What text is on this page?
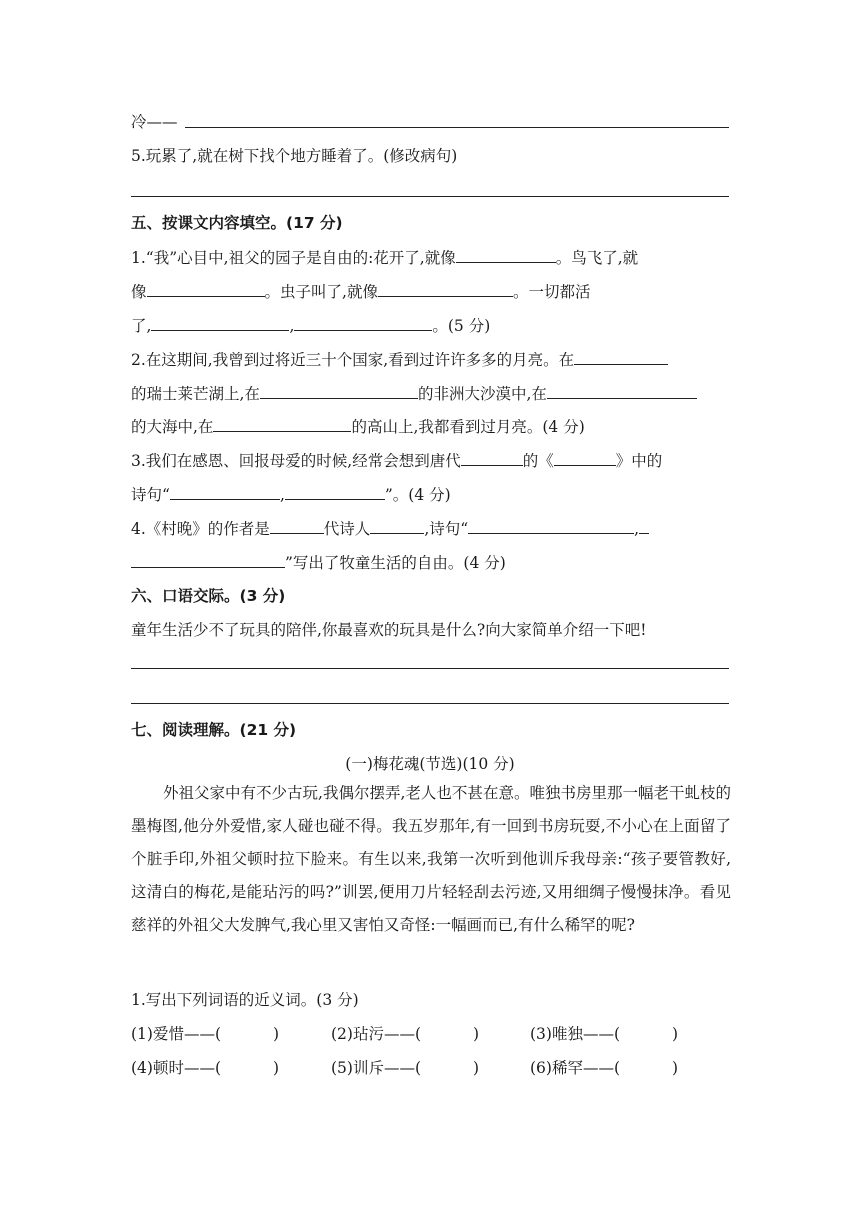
冷——
5.玩累了,就在树下找个地方睡着了。(修改病句)
五、按课文内容填空。(17 分)
1.“我”心目中,祖父的园子是自由的:花开了,就像	。鸟飞了,就
像	。虫子叫了,就像	。一切都活
了,	,	。(5 分)
2.在这期间,我曾到过将近三十个国家,看到过许许多多的月亮。在
的瑞士莱芒湖上,在	的非洲大沙漠中,在
的大海中,在	的高山上,我都看到过月亮。(4 分)
3.我们在感恩、回报母爱的时候,经常会想到唐代	的《	》中的
诗句“	,	”。(4 分)
4.《村晚》的作者是	代诗人	,诗句“	,
”写出了牧童生活的自由。(4 分)
六、口语交际。(3 分)
童年生活少不了玩具的陪伴,你最喜欢的玩具是什么?向大家简单介绍一下吧!
七、阅读理解。(21 分)
(一)梅花魂(节选)(10 分)
外祖父家中有不少古玩,我偶尔摆弄,老人也不甚在意。唯独书房里那一幅老干虬枝的墨梅图,他分外爱惜,家人碰也碰不得。我五岁那年,有一回到书房玩耍,不小心在上面留了个脏手印,外祖父顿时拉下脸来。有生以来,我第一次听到他训斥我母亲:“孩子要管教好,这清白的梅花,是能玷污的吗?”训罢,便用刀片轻轻刮去污迹,又用细绸子慢慢抹净。看见慈祥的外祖父大发脾气,我心里又害怕又奇怪:一幅画而已,有什么稀罕的呢?
1.写出下列词语的近义词。(3 分)
(1)爱惜——(	)	(2)玷污——(	)	(3)唯独——(	)
(4)顿时——(	)	(5)训斥——(	)	(6)稀罕——(	)
